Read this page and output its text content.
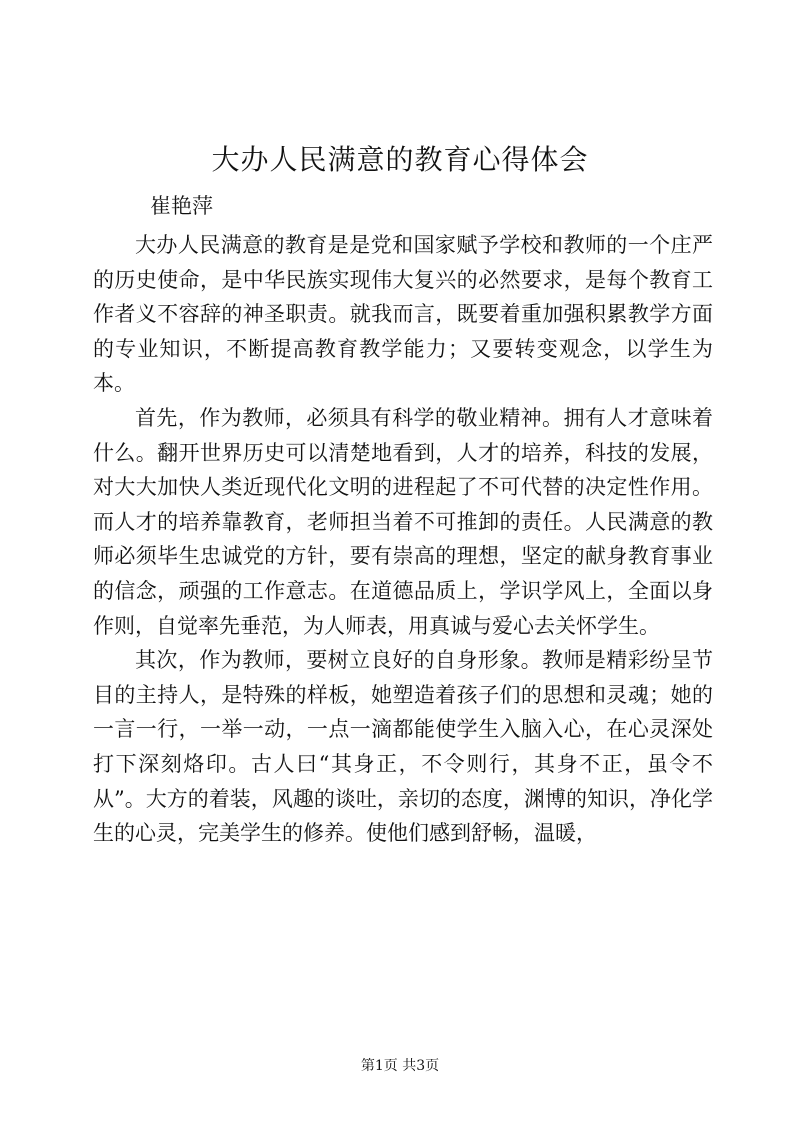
大办人民满意的教育心得体会
崔艳萍

大办人民满意的教育是是党和国家赋予学校和教师的一个庄严的历史使命，是中华民族实现伟大复兴的必然要求，是每个教育工作者义不容辞的神圣职责。就我而言，既要着重加强积累教学方面的专业知识，不断提高教育教学能力；又要转变观念，以学生为本。

首先，作为教师，必须具有科学的敬业精神。拥有人才意味着什么。翻开世界历史可以清楚地看到，人才的培养，科技的发展，对大大加快人类近现代化文明的进程起了不可代替的决定性作用。而人才的培养靠教育，老师担当着不可推卸的责任。人民满意的教师必须毕生忠诚党的方针，要有崇高的理想，坚定的献身教育事业的信念，顽强的工作意志。在道德品质上，学识学风上，全面以身作则，自觉率先垂范，为人师表，用真诚与爱心去关怀学生。

其次，作为教师，要树立良好的自身形象。教师是精彩纷呈节目的主持人，是特殊的样板，她塑造着孩子们的思想和灵魂；她的一言一行，一举一动，一点一滴都能使学生入脑入心，在心灵深处打下深刻烙印。古人曰“其身正，不令则行，其身不正，虽令不从”。大方的着装，风趣的谈吐，亲切的态度，渊博的知识，净化学生的心灵，完美学生的修养。使他们感到舒畅，温暖，

第1页 共3页
